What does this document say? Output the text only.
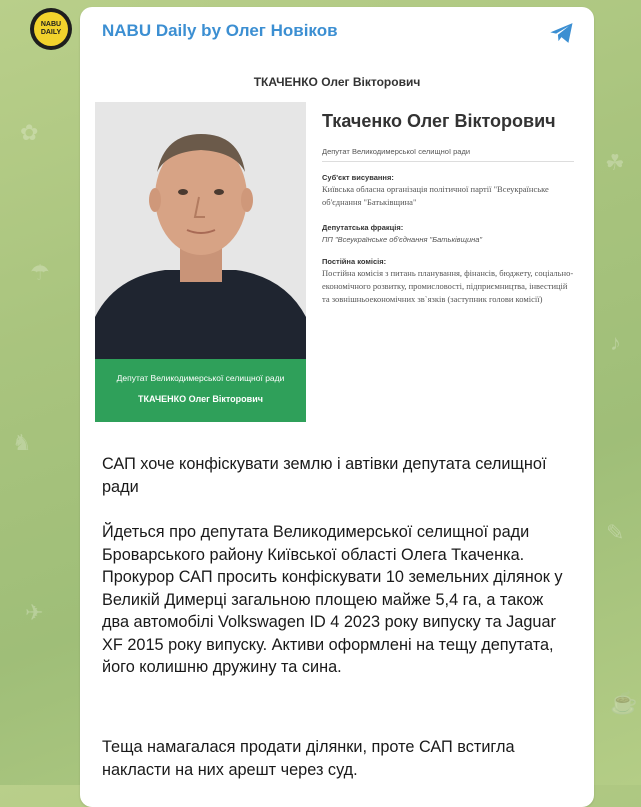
✿
☂
♞
✈
☘
♪
✎
☕
NABU
DAILY NABU Daily by Олег Новіков
ТКАЧЕНКО Олег Вікторович
Депутат Великодимерської селищної ради
ТКАЧЕНКО Олег Вікторович
Ткаченко Олег Вікторович
Депутат Великодимерської селищної ради
Суб'єкт висування:
Київська обласна організація політичної партії "Всеукраїнське об'єднання "Батьківщина"
Депутатська фракція:
ПП "Всеукраїнське об'єднання "Батьківщина"
Постійна комісія:
Постійна комісія з питань планування, фінансів, бюджету, соціально- економічного розвитку, промисловості, підприємництва, інвестицій та зовнішньоекономічних зв`язків (заступник голови комісії)
САП хоче конфіскувати землю і автівки депутата селищної ради
Йдеться про депутата Великодимерської селищної ради Броварського району Київської області Олега Ткаченка. Прокурор САП просить конфіскувати 10 земельних ділянок у Великій Димерці загальною площею майже 5,4 га, а також два автомобілі Volkswagen ID 4 2023 року випуску та Jaguar XF 2015 року випуску. Активи оформлені на тещу депутата, його колишню дружину та сина.
Теща намагалася продати ділянки, проте САП встигла накласти на них арешт через суд.
